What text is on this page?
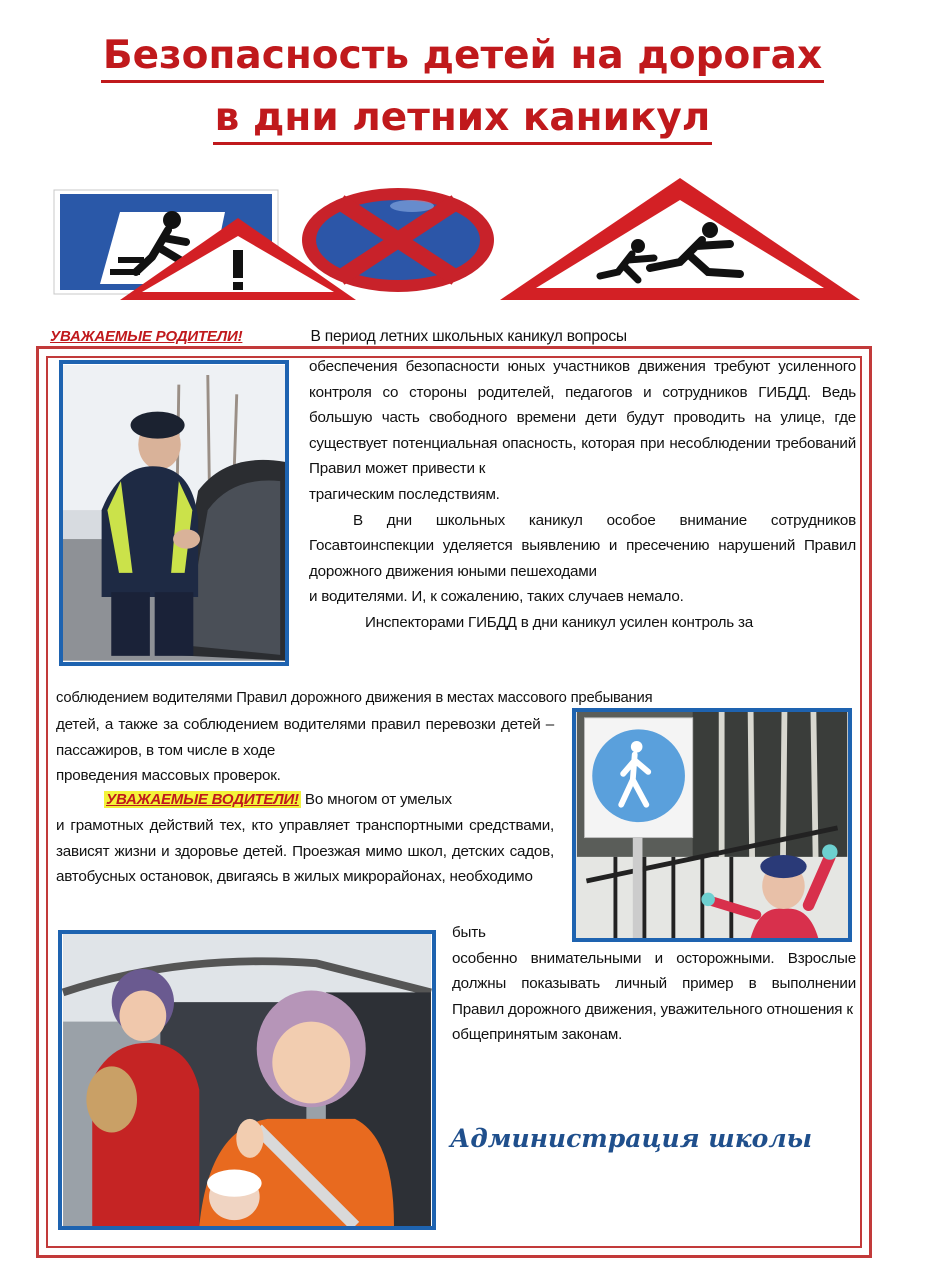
Безопасность детей на дорогах
в дни летних каникул
УВАЖАЕМЫЕ РОДИТЕЛИ!	В период летних школьных каникул вопросы
обеспечения безопасности юных участников движения требуют усиленного контроля со стороны родителей, педагогов и сотрудников ГИБДД. Ведь большую часть свободного времени дети будут проводить на улице, где существует потенциальная опасность, которая при несоблюдении требований Правил может привести к
трагическим последствиям.
В дни школьных каникул особое внимание сотрудников Госавтоинспекции уделяется выявлению и пресечению нарушений Правил дорожного движения юными пешеходами
и водителями. И, к сожалению, таких случаев немало.
Инспекторами ГИБДД в дни каникул усилен контроль за
соблюдением водителями Правил дорожного движения в местах массового пребывания
детей, а также за соблюдением водителями правил перевозки детей – пассажиров, в том числе в ходе
проведения массовых проверок.
УВАЖАЕМЫЕ ВОДИТЕЛИ! Во многом от умелых
и грамотных действий тех, кто управляет транспортными средствами, зависят жизни и здоровье детей. Проезжая мимо школ, детских садов, автобусных остановок, двигаясь в жилых микрорайонах, необходимо
быть
особенно внимательными и осторожными. Взрослые должны показывать личный пример в выполнении Правил дорожного движения, уважительного отношения к
общепринятым законам.
Администрация школы
